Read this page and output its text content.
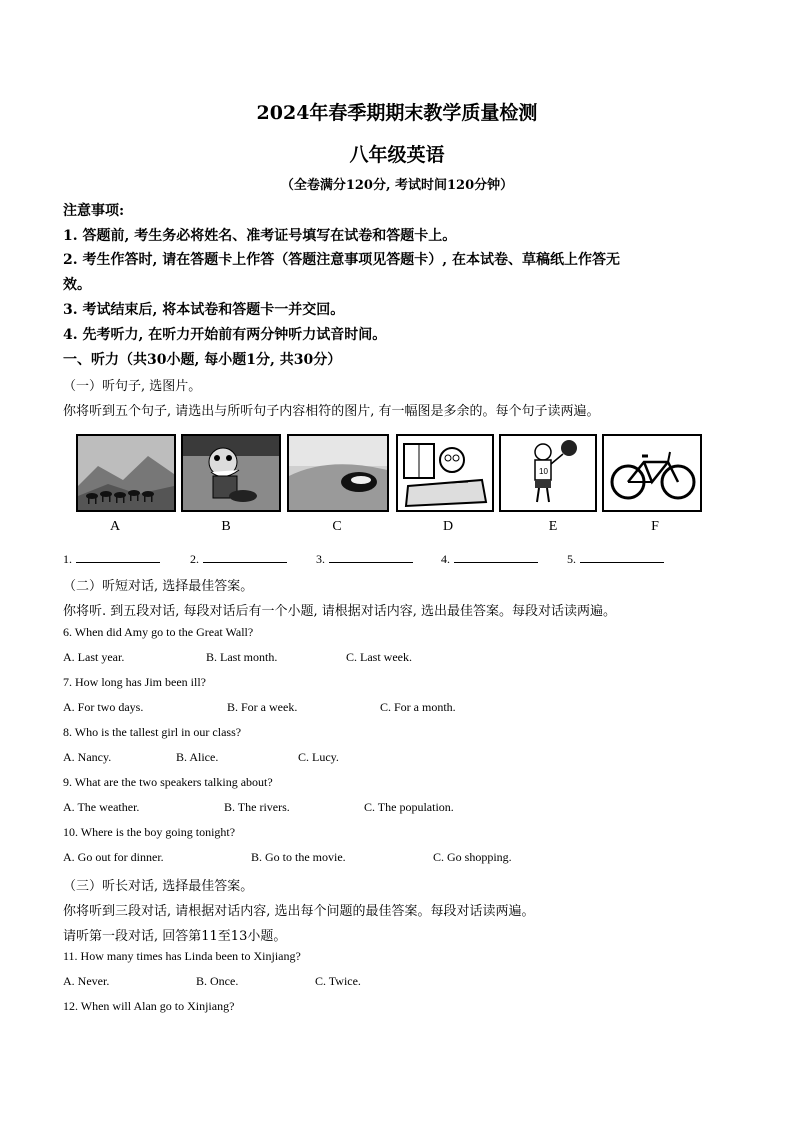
2024年春季期期末教学质量检测
八年级英语
（全卷满分120分, 考试时间120分钟）
注意事项:
1. 答题前, 考生务必将姓名、准考证号填写在试卷和答题卡上。
2. 考生作答时, 请在答题卡上作答（答题注意事项见答题卡）, 在本试卷、草稿纸上作答无
效。
3. 考试结束后, 将本试卷和答题卡一并交回。
4. 先考听力, 在听力开始前有两分钟听力试音时间。
一、听力（共30小题, 每小题1分, 共30分）
（一）听句子, 选图片。
你将听到五个句子, 请选出与所听句子内容相符的图片, 有一幅图是多余的。每个句子读两遍。
10
A	B	C	D	E	F
1.	2.	3.	4.	5.
（二）听短对话, 选择最佳答案。
你将听. 到五段对话, 每段对话后有一个小题, 请根据对话内容, 选出最佳答案。每段对话读两遍。
6. When did Amy go to the Great Wall?
A. Last year.	B. Last month.	C. Last week.
7. How long has Jim been ill?
A. For two days.	B. For a week.	C. For a month.
8. Who is the tallest girl in our class?
A. Nancy.	B. Alice.	C. Lucy.
9. What are the two speakers talking about?
A. The weather.	B. The rivers.	C. The population.
10. Where is the boy going tonight?
A. Go out for dinner.	B. Go to the movie.	C. Go shopping.
（三）听长对话, 选择最佳答案。
你将听到三段对话, 请根据对话内容, 选出每个问题的最佳答案。每段对话读两遍。
请听第一段对话, 回答第11至13小题。
11. How many times has Linda been to Xinjiang?
A. Never.	B. Once.	C. Twice.
12. When will Alan go to Xinjiang?
